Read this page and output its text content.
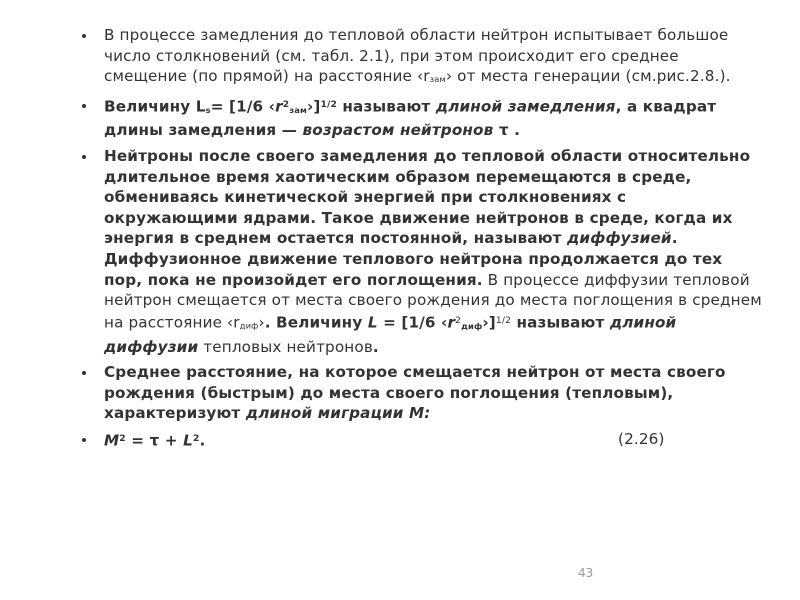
В процессе замедления до тепловой области нейтрон испытывает большое число столкновений (см. табл. 2.1), при этом происходит его среднее смещение (по прямой) на расстояние ‹rзам› от места генерации (см.рис.2.8.).
Величину $L_s= [1/6$ $‹r^2_{зам}›]^{1/2}$ называют длиной замедления, а квадрат длины замедления — возрастом нейтронов τ .
Нейтроны после своего замедления до тепловой области относительно длительное время хаотическим образом перемещаются в среде, обмениваясь кинетической энергией при столкновениях с окружающими ядрами. Такое движение нейтронов в среде, когда их энергия в среднем остается постоянной, называют диффузией. Диффузионное движение теплового нейтрона продолжается до тех пор, пока не произойдет его поглощения. В процессе диффузии тепловой нейтрон смещается от места своего рождения до места поглощения в среднем на расстояние ‹rдиф›. Величину L = [1/6 $‹r^2_{диф}›]^{1/2}$ называют длиной диффузии тепловых нейтронов.
Среднее расстояние, на которое смещается нейтрон от места своего рождения (быстрым) до места своего поглощения (тепловым), характеризуют длиной миграции М:
$М^2 = \tau + L^2$.	(2.26)
43
